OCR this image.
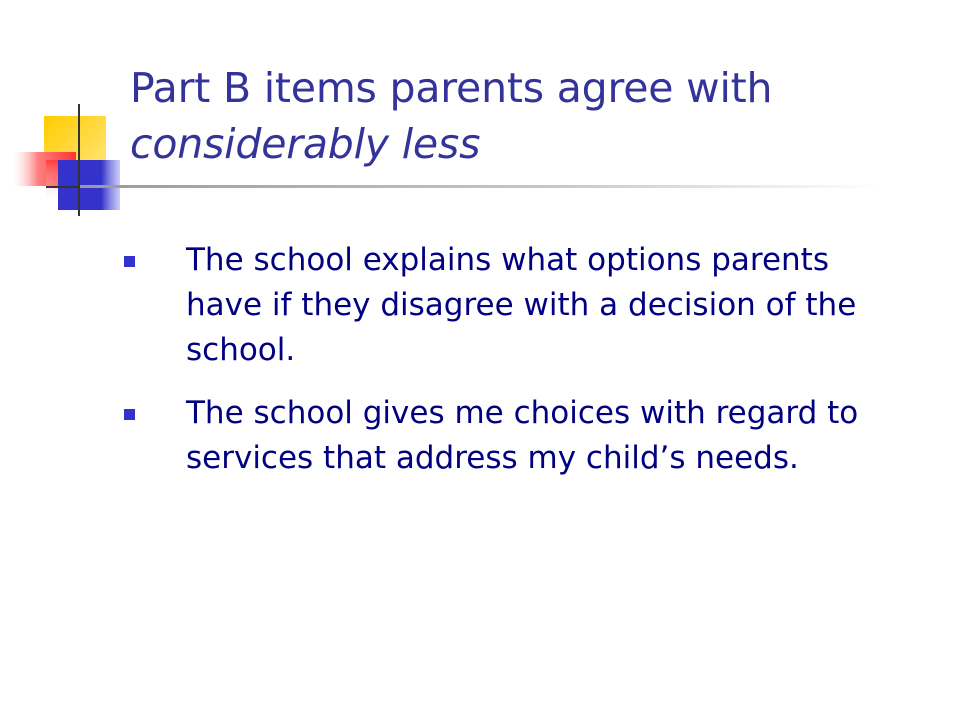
Part B items parents agree with
considerably less
The school explains what options parents have if they disagree with a decision of the school.
The school gives me choices with regard to services that address my child’s needs.
